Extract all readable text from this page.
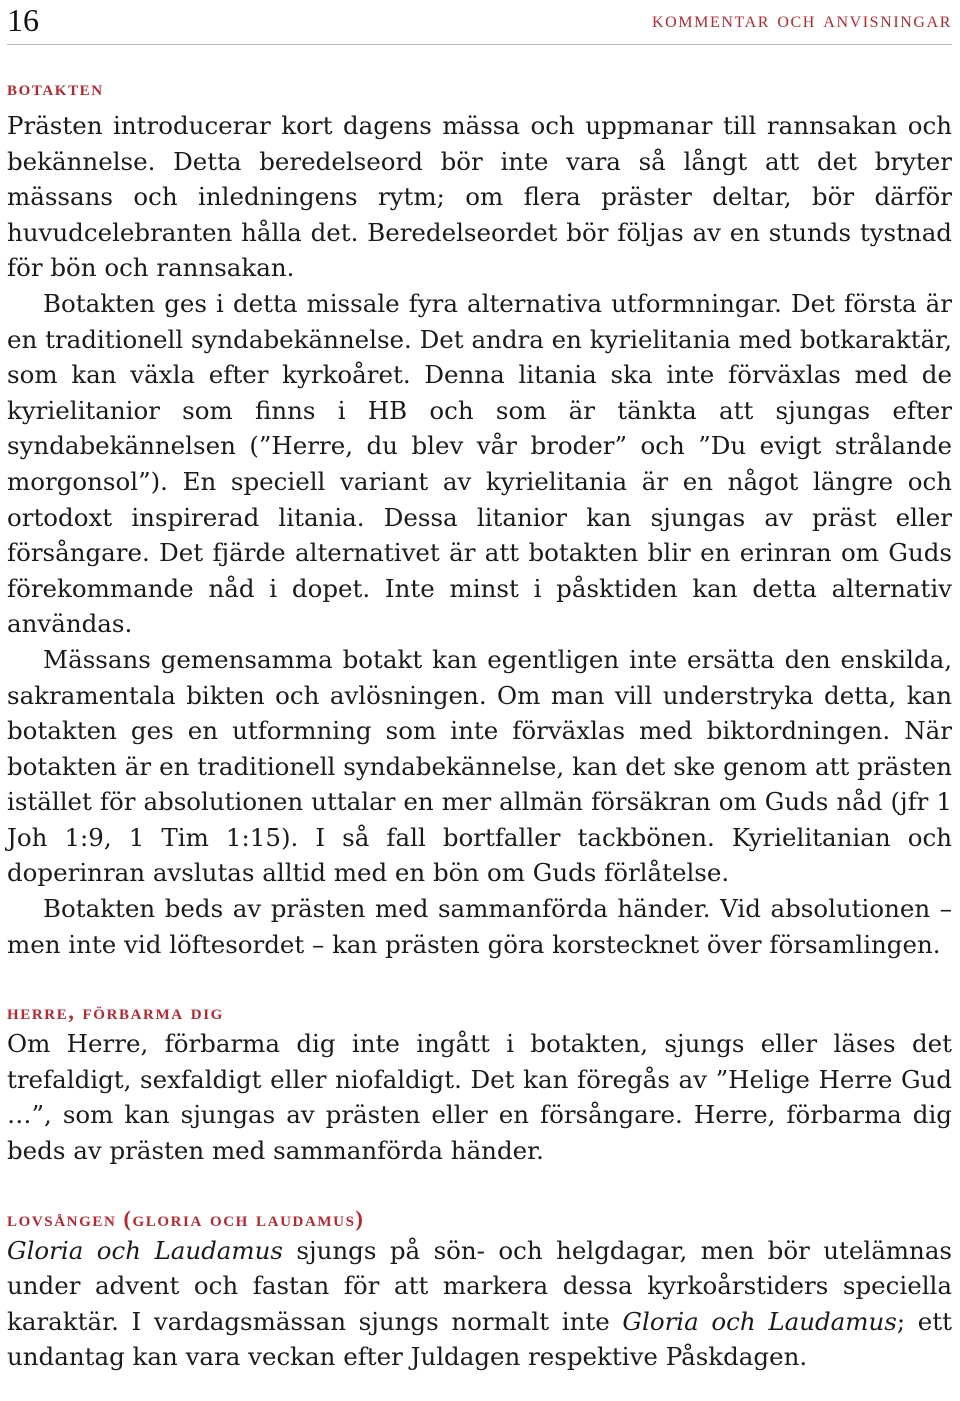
16	kommentar och anvisningar
botakten

Prästen introducerar kort dagens mässa och uppmanar till rannsakan och bekännelse. Detta beredelseord bör inte vara så långt att det bryter mässans och inledningens rytm; om flera präster deltar, bör därför huvudcelebranten hålla det. Beredelseordet bör följas av en stunds tystnad för bön och rannsakan.

Botakten ges i detta missale fyra alternativa utformningar. Det första är en traditionell syndabekännelse. Det andra en kyrielitania med botkaraktär, som kan växla efter kyrkoåret. Denna litania ska inte förväxlas med de kyrielitanior som finns i HB och som är tänkta att sjungas efter syndabekännelsen (”Herre, du blev vår broder” och ”Du evigt strålande morgonsol”). En speciell variant av kyrielitania är en något längre och ortodoxt inspirerad litania. Dessa litanior kan sjungas av präst eller försångare. Det fjärde alternativet är att botakten blir en erinran om Guds förekommande nåd i dopet. Inte minst i påsktiden kan detta alternativ användas.

Mässans gemensamma botakt kan egentligen inte ersätta den enskilda, sakramentala bikten och avlösningen. Om man vill understryka detta, kan botakten ges en utformning som inte förväxlas med biktordningen. När botakten är en traditionell syndabekännelse, kan det ske genom att prästen istället för absolutionen uttalar en mer allmän försäkran om Guds nåd (jfr 1 Joh 1:9, 1 Tim 1:15). I så fall bortfaller tackbönen. Kyrielitanian och doperinran avslutas alltid med en bön om Guds förlåtelse.

Botakten beds av prästen med sammanförda händer. Vid absolutionen – men inte vid löftesordet – kan prästen göra korstecknet över församlingen.

herre, förbarma dig

Om Herre, förbarma dig inte ingått i botakten, sjungs eller läses det trefaldigt, sexfaldigt eller niofaldigt. Det kan föregås av ”Helige Herre Gud …”, som kan sjungas av prästen eller en försångare. Herre, förbarma dig beds av prästen med sammanförda händer.

lovsången (gloria och laudamus)

Gloria och Laudamus sjungs på sön- och helgdagar, men bör utelämnas under advent och fastan för att markera dessa kyrkoårstiders speciella karaktär. I vardagsmässan sjungs normalt inte Gloria och Laudamus; ett undantag kan vara veckan efter Juldagen respektive Påskdagen.
